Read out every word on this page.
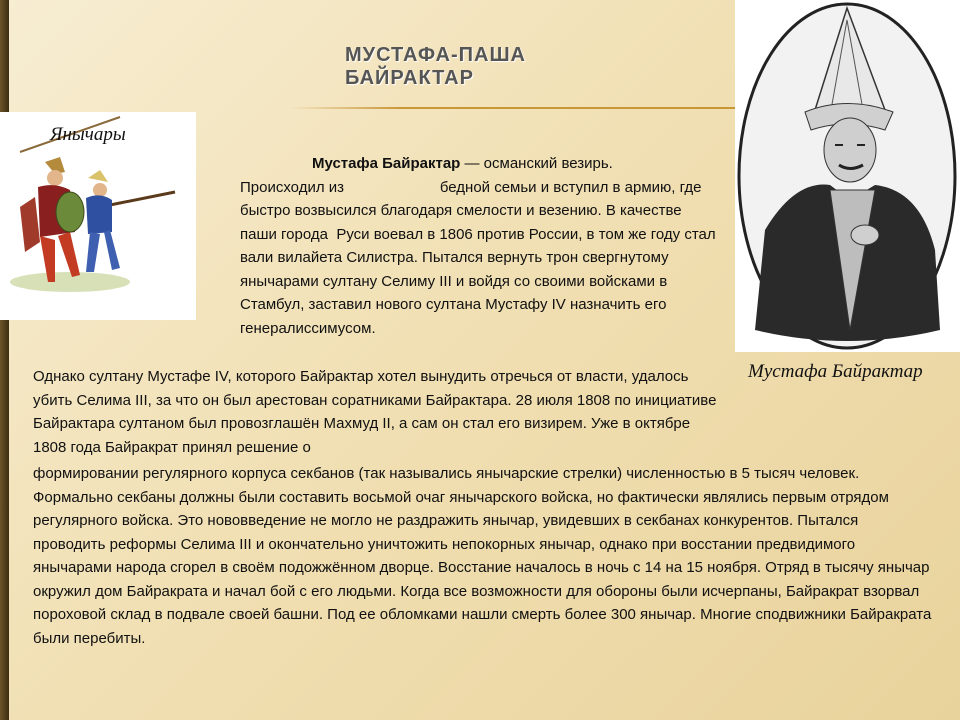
МУСТАФА-ПАША БАЙРАКТАР
Янычары
Мустафа Байрактар
Мустафа Байрактар — османский везирь.
Происходил из                       бедной семьи и вступил в армию, где быстро возвысился благодаря смелости и везению. В качестве паши города  Руси воевал в 1806 против России, в том же году стал вали вилайета Силистра. Пытался вернуть трон свергнутому янычарами султану Селиму III и войдя со своими войсками в Стамбул, заставил нового султана Мустафу IV назначить его генералиссимусом.
Однако султану Мустафе IV, которого Байрактар хотел вынудить отречься от власти, удалось убить Селима III, за что он был арестован соратниками Байрактара. 28 июля 1808 по инициативе Байрактара султаном был провозглашён Махмуд II, а сам он стал его визирем. Уже в октябре 1808 года Байракрат принял решение о
формировании регулярного корпуса секбанов (так назывались янычарские стрелки) численностью в 5 тысяч человек. Формально секбаны должны были составить восьмой очаг янычарского войска, но фактически являлись первым отрядом регулярного войска. Это нововведение не могло не раздражить янычар, увидевших в секбанах конкурентов. Пытался проводить реформы Селима III и окончательно уничтожить непокорных янычар, однако при восстании предвидимого янычарами народа сгорел в своём подожжённом дворце. Восстание началось в ночь с 14 на 15 ноября. Отряд в тысячу янычар окружил дом Байракрата и начал бой с его людьми. Когда все возможности для обороны были исчерпаны, Байракрат взорвал пороховой склад в подвале своей башни. Под ее обломками нашли смерть более 300 янычар. Многие сподвижники Байракрата были перебиты.
